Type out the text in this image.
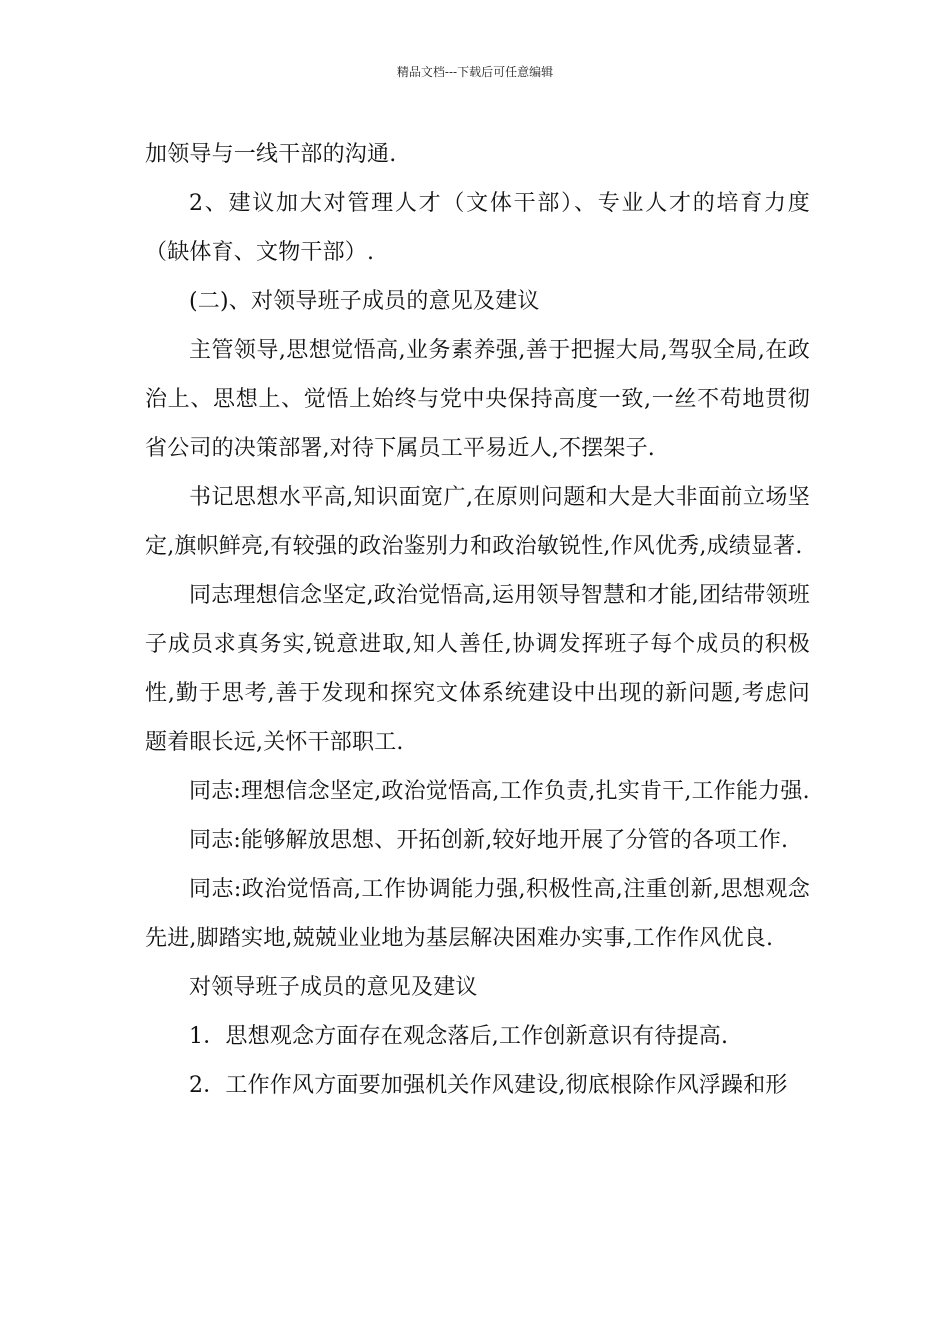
精品文档---下载后可任意编辑

加领导与一线干部的沟通.

2、建议加大对管理人才（文体干部）、专业人才的培育力度（缺体育、文物干部）.

(二)、对领导班子成员的意见及建议

主管领导,思想觉悟高,业务素养强,善于把握大局,驾驭全局,在政治上、思想上、觉悟上始终与党中央保持高度一致,一丝不苟地贯彻省公司的决策部署,对待下属员工平易近人,不摆架子.

书记思想水平高,知识面宽广,在原则问题和大是大非面前立场坚定,旗帜鲜亮,有较强的政治鉴别力和政治敏锐性,作风优秀,成绩显著.

同志理想信念坚定,政治觉悟高,运用领导智慧和才能,团结带领班子成员求真务实,锐意进取,知人善任,协调发挥班子每个成员的积极性,勤于思考,善于发现和探究文体系统建设中出现的新问题,考虑问题着眼长远,关怀干部职工.

同志:理想信念坚定,政治觉悟高,工作负责,扎实肯干,工作能力强.

同志:能够解放思想、开拓创新,较好地开展了分管的各项工作.

同志:政治觉悟高,工作协调能力强,积极性高,注重创新,思想观念先进,脚踏实地,兢兢业业地为基层解决困难办实事,工作作风优良.

对领导班子成员的意见及建议

1．思想观念方面存在观念落后,工作创新意识有待提高.

2．工作作风方面要加强机关作风建设,彻底根除作风浮躁和形
